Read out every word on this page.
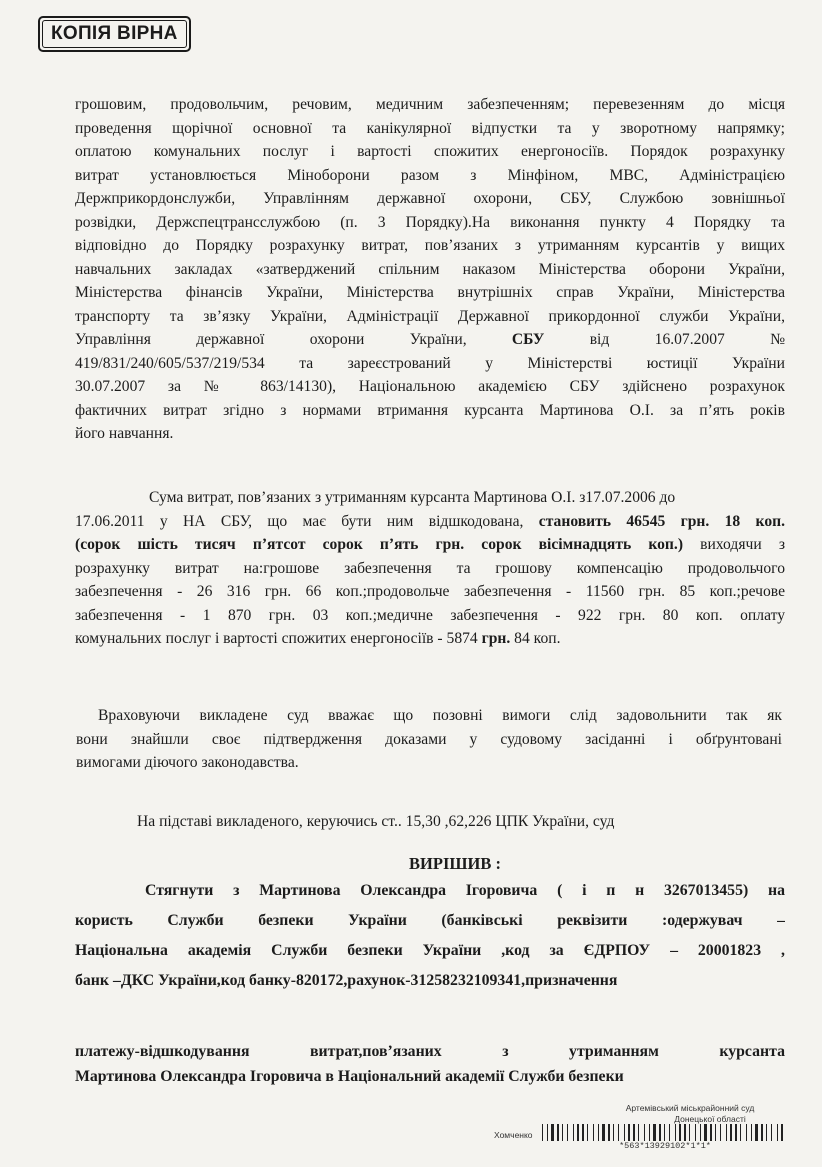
КОПІЯ ВІРНА
грошовим, продовольчим, речовим, медичним забезпеченням; перевезенням до місця
проведення щорічної основної та канікулярної відпустки та у зворотному напрямку;
оплатою комунальних послуг і вартості спожитих енергоносіїв. Порядок розрахунку
витрат установлюється Міноборони разом з Мінфіном, МВС, Адміністрацією
Держприкордонслужби, Управлінням державної охорони, СБУ, Службою зовнішньої
розвідки, Держспецтрансслужбою (п. 3 Порядку).На виконання пункту 4 Порядку та
відповідно до Порядку розрахунку витрат, пов’язаних з утриманням курсантів у вищих
навчальних закладах «затверджений спільним наказом Міністерства оборони України,
Міністерства фінансів України, Міністерства внутрішніх справ України, Міністерства
транспорту та зв’язку України, Адміністрації Державної прикордонної служби України,
Управління	державної	охорони	України,	СБУ	від	16.07.2007	№
419/831/240/605/537/219/534 та зареєстрований у Міністерстві юстиції України
30.07.2007 за № 863/14130), Національною академією СБУ здійснено розрахунок
фактичних витрат згідно з нормами втримання курсанта Мартинова О.І. за п’ять років
його навчання.
Сума витрат, пов’язаних з утриманням курсанта Мартинова О.І. з17.07.2006 до
17.06.2011 у НА СБУ, що має бути ним відшкодована, становить 46545 грн. 18 коп.
(сорок шість тисяч п’ятсот сорок п’ять грн. сорок вісімнадцять коп.) виходячи з
розрахунку витрат на:грошове забезпечення та грошову компенсацію продовольчого
забезпечення - 26 316 грн. 66 коп.;продовольче забезпечення - 11560 грн. 85 коп.;речове
забезпечення - 1 870 грн. 03 коп.;медичне забезпечення - 922 грн. 80 коп. оплату
комунальних послуг і вартості спожитих енергоносіїв - 5874 грн. 84 коп.
Враховуючи викладене суд вважає що позовні вимоги слід задовольнити так як
вони знайшли своє підтвердження доказами у судовому засіданні і обґрунтовані
вимогами діючого законодавства.
На підставі викладеного, керуючись ст.. 15,30 ,62,226 ЦПК України, суд
ВИРІШИВ :
Стягнути з Мартинова Олександра Ігоровича ( і п н 3267013455) на
користь Служби безпеки України (банківські реквізити :одержувач –
Національна академія Служби безпеки України ,код за ЄДРПОУ – 20001823 ,
банк –ДКС України,код банку-820172,рахунок-31258232109341,призначення
платежу-відшкодування витрат,пов’язаних з утриманням курсанта
Мартинова Олександра Ігоровича в Національний академії Служби безпеки
Артемівський міськрайонний суд
Донецької області
Хомченко
*563*13929102*1*1*
